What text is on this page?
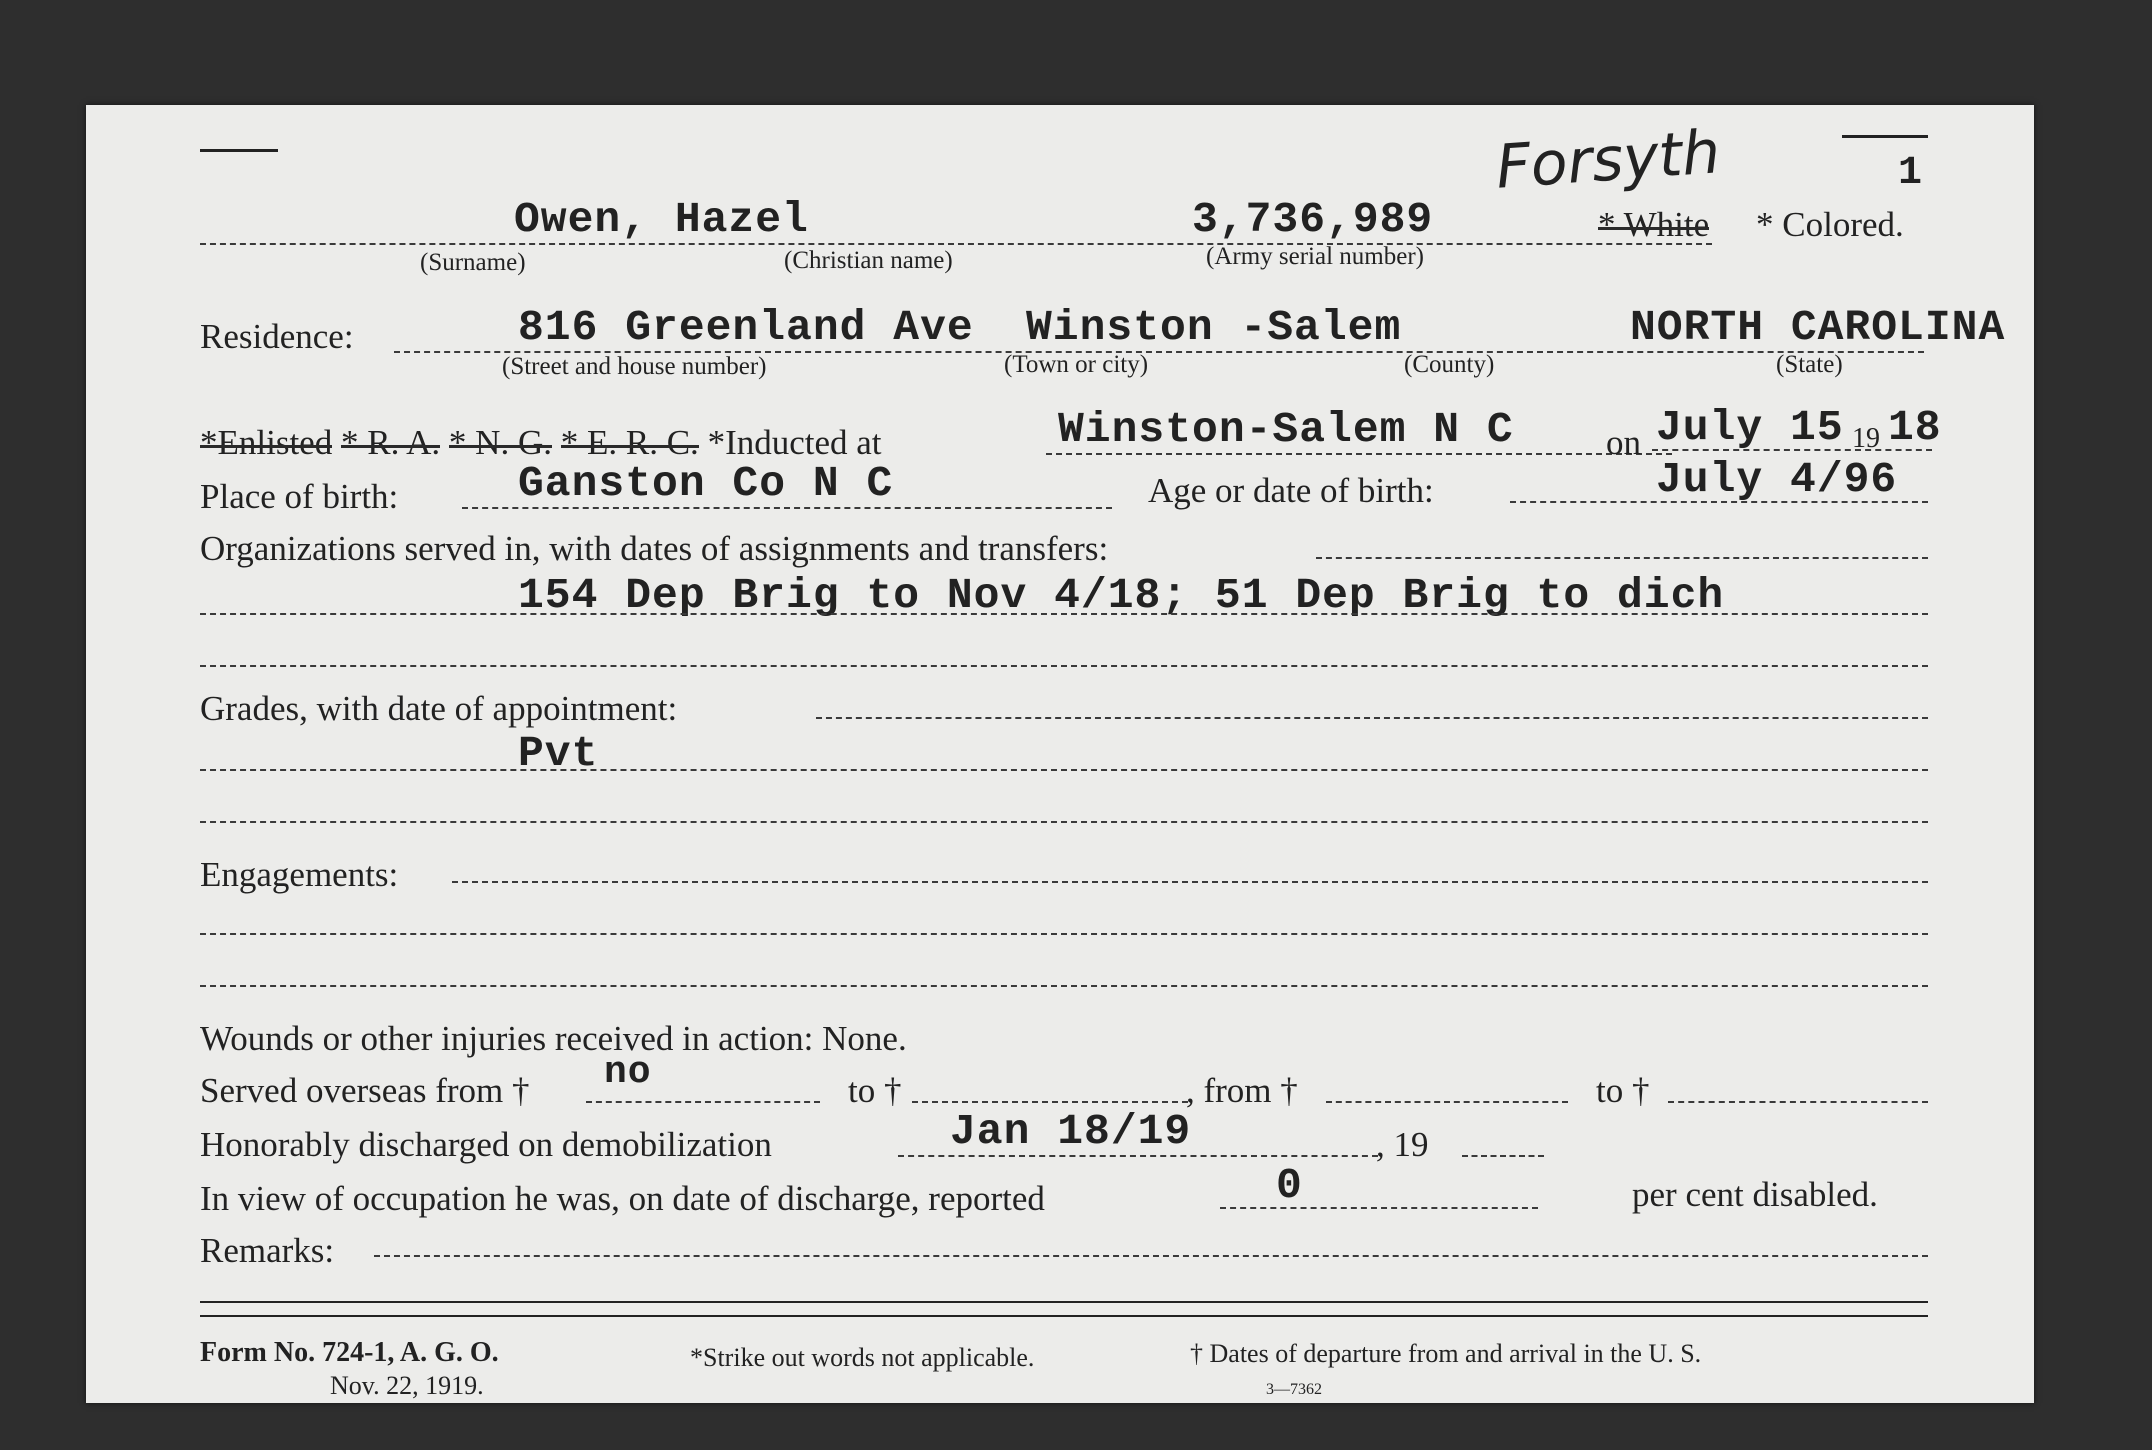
1
Forsyth
Owen, Hazel	3,736,989	* White * Colored.
(Surname)	(Christian name)	(Army serial number)
Residence:	816 Greenland Ave Winston -Salem	NORTH CAROLINA
(Street and house number)	(Town or city)	(County)	(State)
*Enlisted * R. A. * N. G. * E. R. C. *Inducted at	Winston-Salem N C	on July 15 19 18
Place of birth:	Ganston Co N C	Age or date of birth:	July 4/96
Organizations served in, with dates of assignments and transfers:
154 Dep Brig to Nov 4/18; 51 Dep Brig to dich
Grades, with date of appointment:
Pvt
Engagements:
Wounds or other injuries received in action: None.
Served overseas from † no	to †	, from †	to †
Honorably discharged on demobilization	Jan 18/19	, 19
In view of occupation he was, on date of discharge, reported	0	per cent disabled.
Remarks:
Form No. 724-1, A. G. O.
Nov. 22, 1919.
*Strike out words not applicable.	† Dates of departure from and arrival in the U. S.
3—7362
